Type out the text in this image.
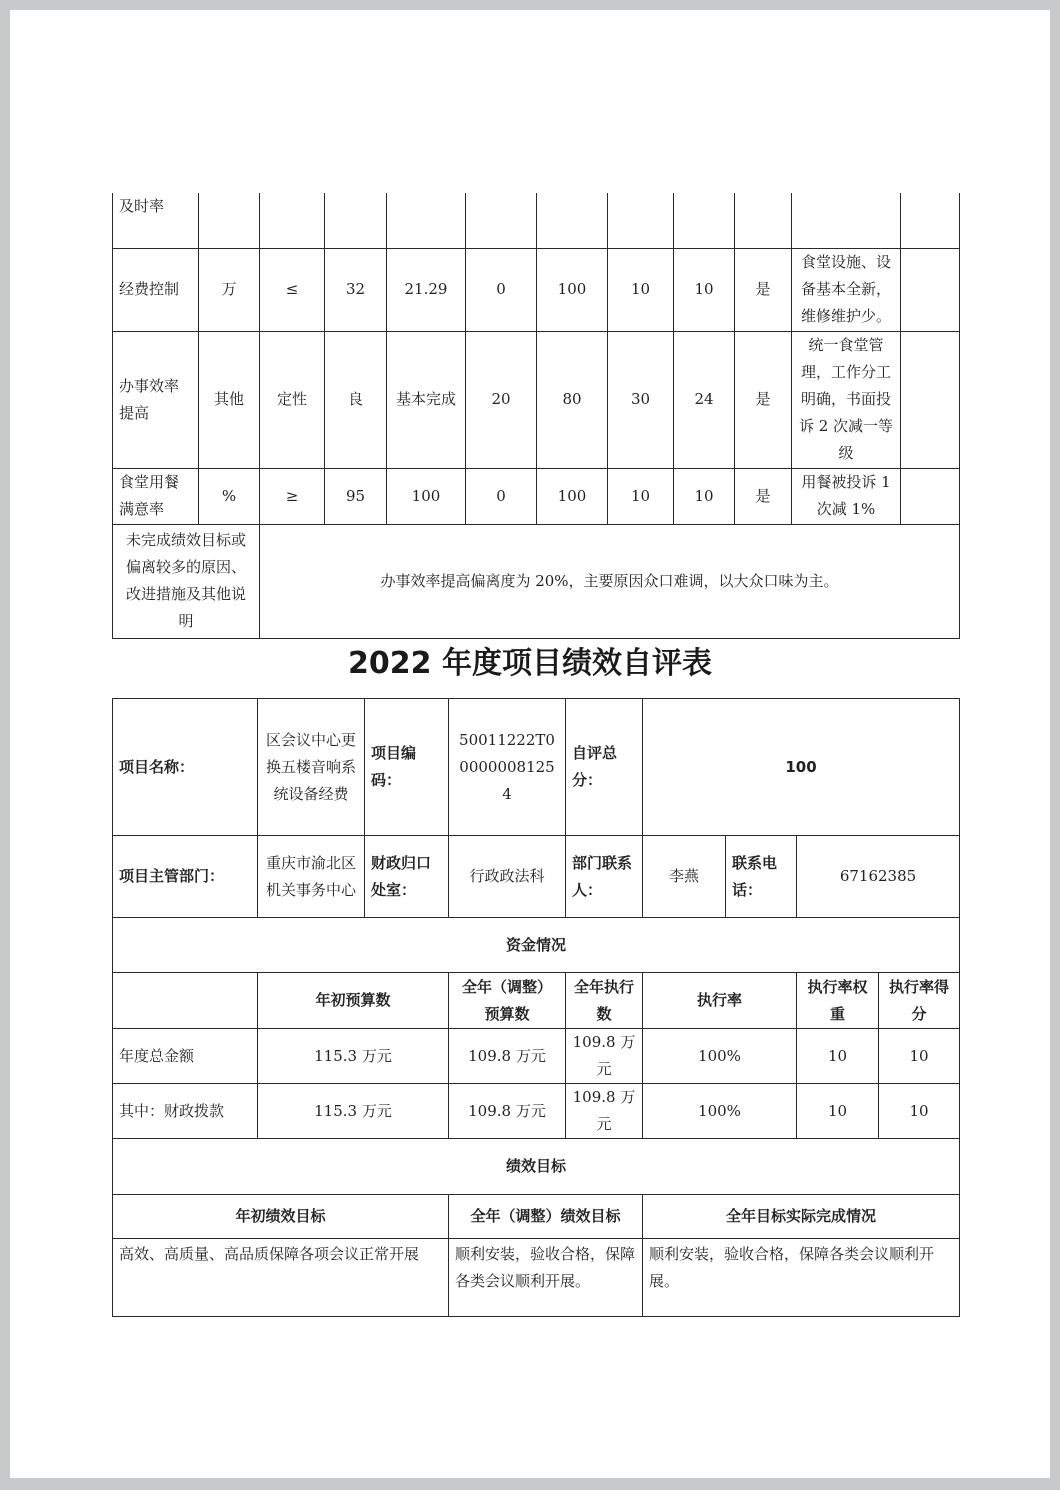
及时率											
经费控制	万	≤	32	21.29	0	100	10	10	是	食堂设施、设备基本全新，维修维护少。	
办事效率提高	其他	定性	良	基本完成	20	80	30	24	是	统一食堂管理，工作分工明确，书面投诉 2 次减一等级	
食堂用餐满意率	%	≥	95	100	0	100	10	10	是	用餐被投诉 1 次减 1%	
未完成绩效目标或偏离较多的原因、改进措施及其他说明		办事效率提高偏离度为 20%，主要原因众口难调，以大众口味为主。									
2022 年度项目绩效自评表
项目名称：	区会议中心更换五楼音响系统设备经费	项目编码：	50011222T000000081254	自评总分：	100			
项目主管部门：	重庆市渝北区机关事务中心	财政归口处室：	行政政法科	部门联系人：	李燕	联系电话：	67162385	
资金情况								
	年初预算数		全年（调整）预算数	全年执行数	执行率		执行率权重	执行率得分
年度总金额	115.3 万元		109.8 万元	109.8 万元	100%		10	10
其中：财政拨款	115.3 万元		109.8 万元	109.8 万元	100%		10	10
绩效目标								
年初绩效目标			全年（调整）绩效目标		全年目标实际完成情况			
高效、高质量、高品质保障各项会议正常开展			顺利安装，验收合格，保障各类会议顺利开展。		顺利安装，验收合格，保障各类会议顺利开展。			
